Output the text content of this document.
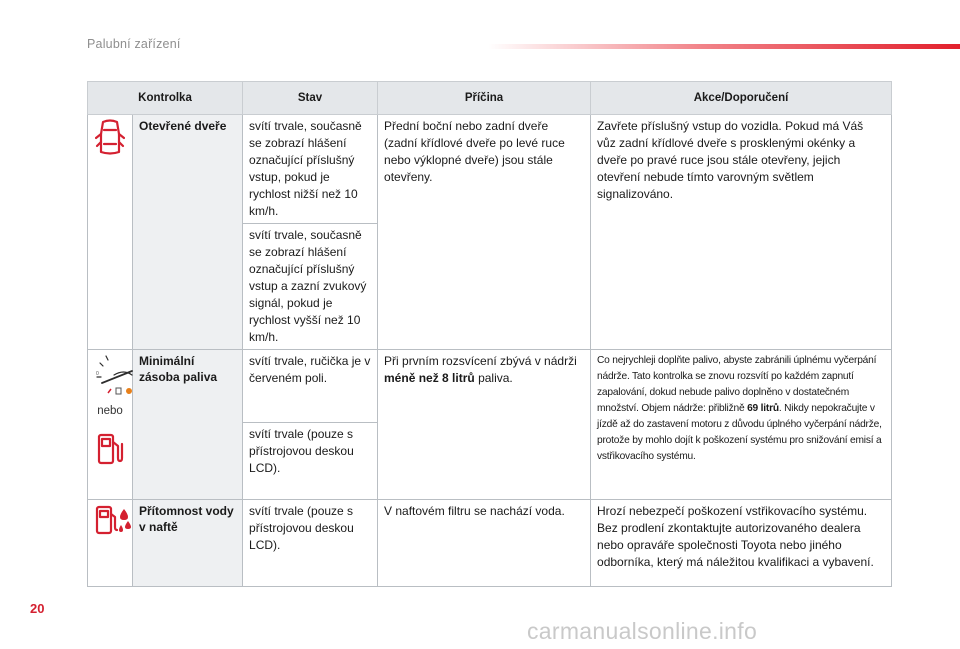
Palubní zařízení
Kontrolka		Stav	Příčina	Akce/Doporučení

	Otevřené dveře	svítí trvale, současně se zobrazí hlášení označující příslušný vstup, pokud je rychlost nižší než 10 km/h.	Přední boční nebo zadní dveře (zadní křídlové dveře po levé ruce nebo výklopné dveře) jsou stále otevřeny.	Zavřete příslušný vstup do vozidla. Pokud má Váš vůz zadní křídlové dveře s prosklenými okénky a dveře po pravé ruce jsou stále otevřeny, jejich otevření nebude tímto varovným světlem signalizováno.
		svítí trvale, současně se zobrazí hlášení označující příslušný vstup a zazní zvukový signál, pokud je rychlost vyšší než 10 km/h.		

0
nebo	Minimální zásoba paliva	svítí trvale, ručička je v červeném poli.	Při prvním rozsvícení zbývá v nádrži méně než 8 litrů paliva.	Co nejrychleji doplňte palivo, abyste zabránili úplnému vyčerpání nádrže. Tato kontrolka se znovu rozsvítí po každém zapnutí zapalování, dokud nebude palivo doplněno v dostatečném množství. Objem nádrže: přibližně 69 litrů. Nikdy nepokračujte v jízdě až do zastavení motoru z důvodu úplného vyčerpání nádrže, protože by mohlo dojít k poškození systému pro snižování emisí a vstřikovacího systému.
		svítí trvale (pouze s přístrojovou deskou LCD).		

	Přítomnost vody v naftě	svítí trvale (pouze s přístrojovou deskou LCD).	V naftovém filtru se nachází voda.	Hrozí nebezpečí poškození vstřikovacího systému. Bez prodlení zkontaktujte autorizovaného dealera nebo opraváře společnosti Toyota nebo jiného odborníka, který má náležitou kvalifikaci a vybavení.
20
carmanualsonline.info
